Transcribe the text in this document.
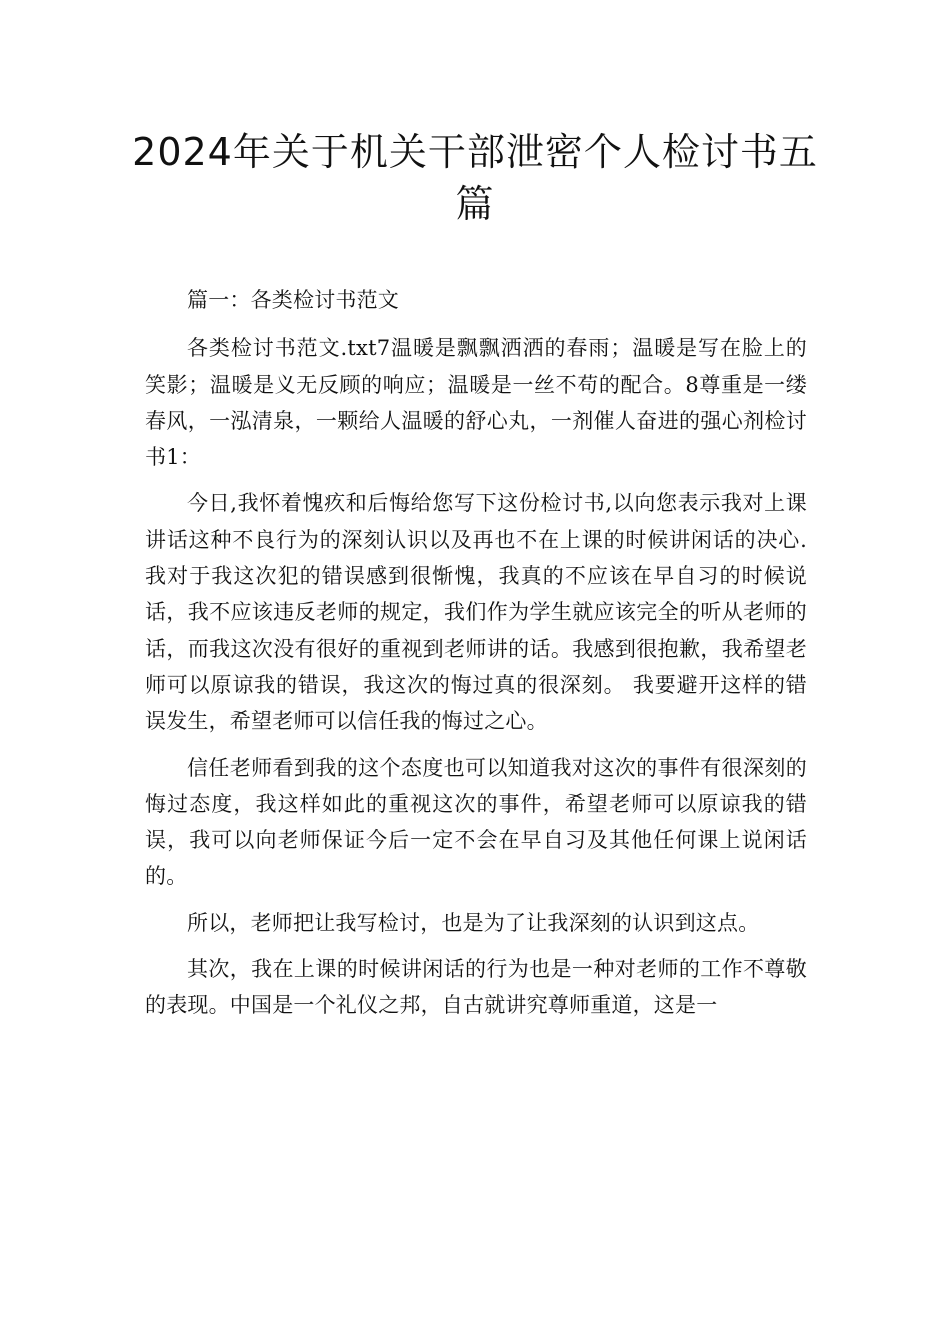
2024年关于机关干部泄密个人检讨书五篇

篇一：各类检讨书范文

各类检讨书范文.txt7温暖是飘飘洒洒的春雨；温暖是写在脸上的笑影；温暖是义无反顾的响应；温暖是一丝不苟的配合。8尊重是一缕春风，一泓清泉，一颗给人温暖的舒心丸，一剂催人奋进的强心剂检讨书1：

今日,我怀着愧疚和后悔给您写下这份检讨书,以向您表示我对上课讲话这种不良行为的深刻认识以及再也不在上课的时候讲闲话的决心. 我对于我这次犯的错误感到很惭愧，我真的不应该在早自习的时候说话，我不应该违反老师的规定，我们作为学生就应该完全的听从老师的话，而我这次没有很好的重视到老师讲的话。我感到很抱歉，我希望老师可以原谅我的错误，我这次的悔过真的很深刻。 我要避开这样的错误发生，希望老师可以信任我的悔过之心。

信任老师看到我的这个态度也可以知道我对这次的事件有很深刻的悔过态度，我这样如此的重视这次的事件，希望老师可以原谅我的错误，我可以向老师保证今后一定不会在早自习及其他任何课上说闲话的。

所以，老师把让我写检讨，也是为了让我深刻的认识到这点。

其次，我在上课的时候讲闲话的行为也是一种对老师的工作不尊敬的表现。中国是一个礼仪之邦，自古就讲究尊师重道，这是一
